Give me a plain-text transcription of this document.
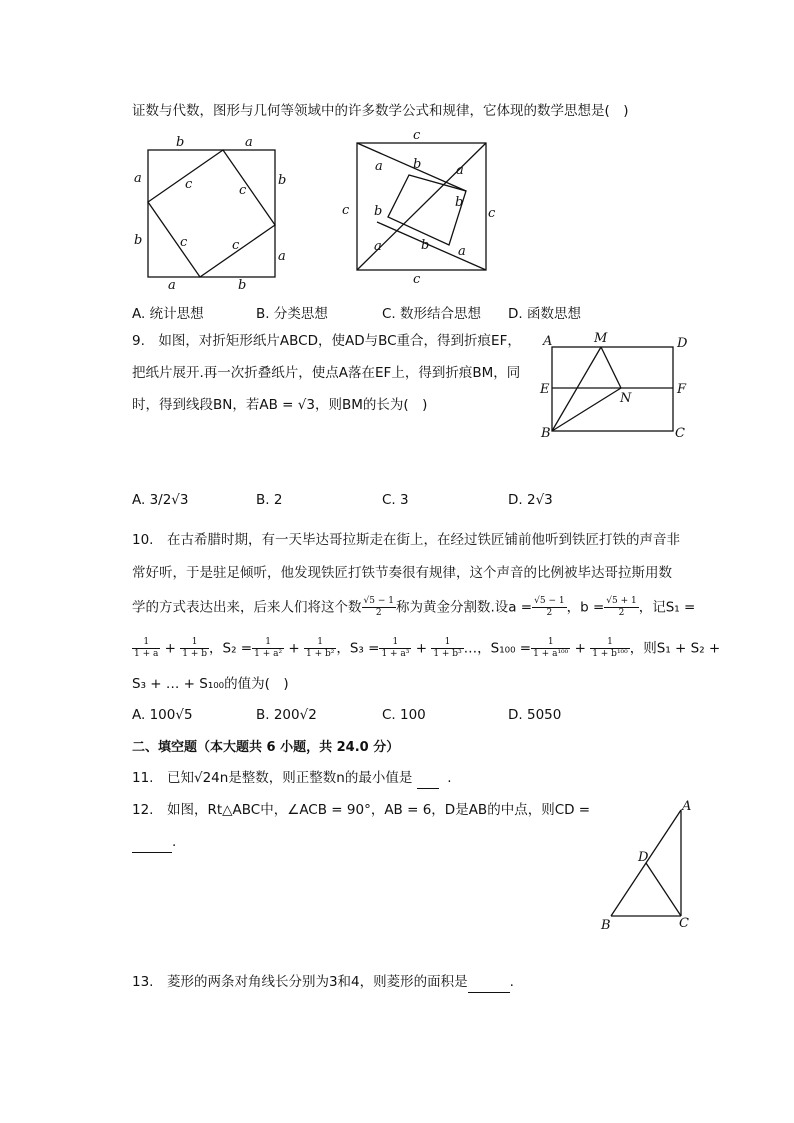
证数与代数，图形与几何等领域中的许多数学公式和规律，它体现的数学思想是(　)
b	a
a
b
b
a
a	b
c	c
c	c
c
c
c	c
a b	a
b
b
a	b a
A. 统计思想	B. 分类思想	C. 数形结合思想 D. 函数思想
9.　如图，对折矩形纸片ABCD，使AD与BC重合，得到折痕EF，
把纸片展开.再一次折叠纸片，使点A落在EF上，得到折痕BM，同
时，得到线段BN，若AB = √3，则BM的长为(　)
A	M	D
E	F
N
B	C
A. 3/2√3	B. 2	C. 3	D. 2√3
10.　在古希腊时期，有一天毕达哥拉斯走在街上，在经过铁匠铺前他听到铁匠打铁的声音非
常好听，于是驻足倾听，他发现铁匠打铁节奏很有规律，这个声音的比例被毕达哥拉斯用数
学的方式表达出来，后来人们将这个数 $\frac{√5 - 1}{2}$ 称为黄金分割数.设$a = \frac{√5 - 1}{2}$ ，$b = \frac{√5 + 1}{2}$ ，记S₁ =
$\frac{1}{1 + a} + \frac{1}{1 + b}$ ，$S_2 = \frac{1}{\text{1 + a²}} + \frac{1}{\text{1 + b²}}$ ，$S_3 = \frac{1}{\text{1 + a³}} + \frac{1}{\text{1 + b³}}$ …，$S_{100} = \frac{1}{\text{1 + a¹⁰⁰}} + \frac{1}{\text{1 + b¹⁰⁰}}$ ，则S₁ + S₂ +
S₃ + … + S₁₀₀的值为(　)
A. 100√5	B. 200√2	C. 100	D. 5050
二、填空题（本大题共 6 小题，共 24.0 分）
11.　已知√24n是整数，则正整数n的最小值是	.
12.　如图，Rt△ABC中，∠ACB = 90°，AB = 6，D是AB的中点，则CD =
.
A
D
B	C
13.　菱形的两条对角线长分别为3和4，则菱形的面积是	.
